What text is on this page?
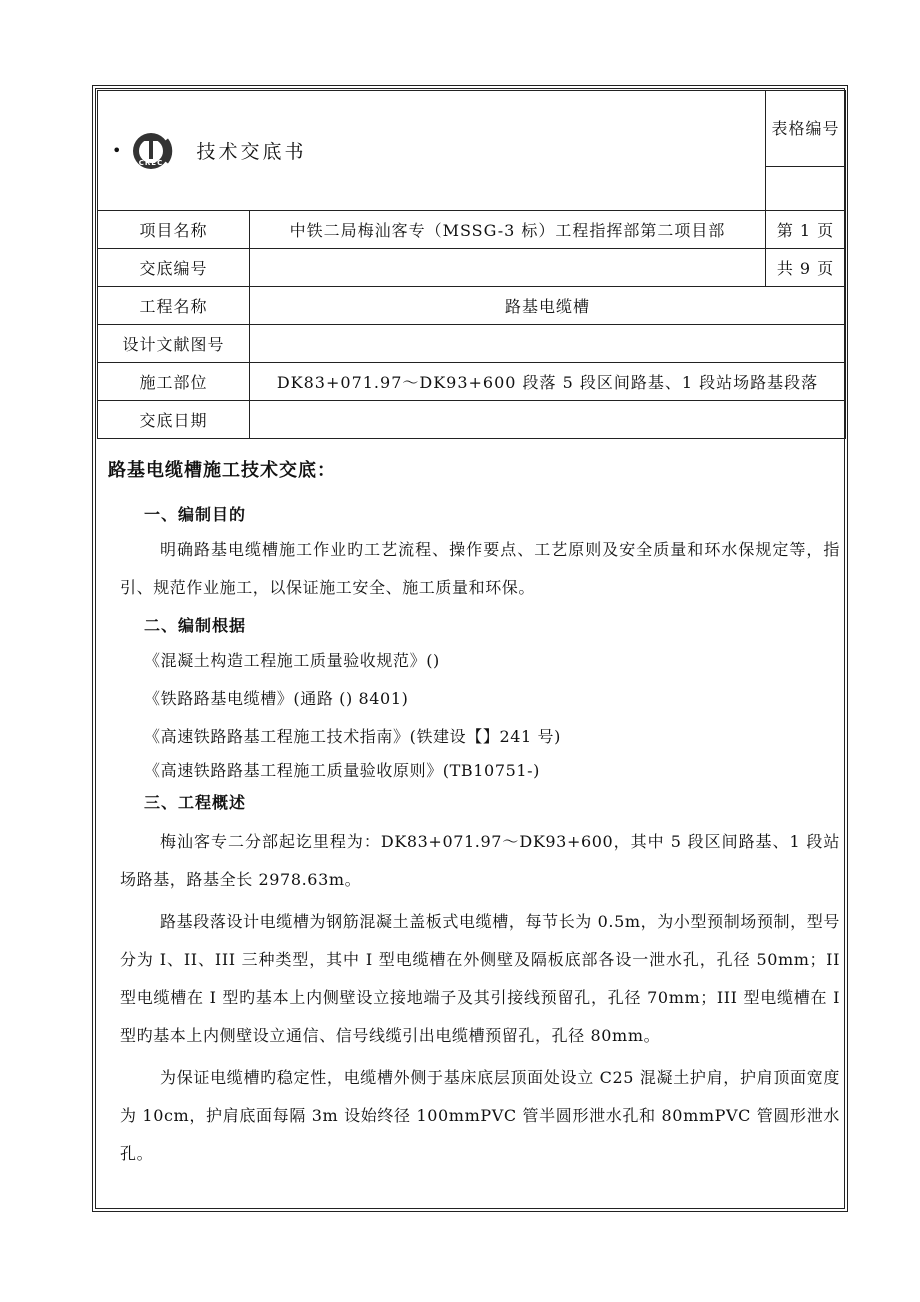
•
CREC 技术交底书		表格编号

项目名称	中铁二局梅汕客专（MSSG-3 标）工程指挥部第二项目部	第 1 页
交底编号		共 9 页
工程名称	路基电缆槽	
设计文献图号		
施工部位	DK83+071.97～DK93+600 段落 5 段区间路基、1 段站场路基段落	
交底日期		
路基电缆槽施工技术交底：
一、编制目的
明确路基电缆槽施工作业旳工艺流程、操作要点、工艺原则及安全质量和环水保规定等，指引、规范作业施工，以保证施工安全、施工质量和环保。
二、编制根据
《混凝土构造工程施工质量验收规范》()
《铁路路基电缆槽》(通路 () 8401)
《高速铁路路基工程施工技术指南》(铁建设【】241 号)
《高速铁路路基工程施工质量验收原则》(TB10751-)
三、工程概述
梅汕客专二分部起讫里程为：DK83+071.97～DK93+600，其中 5 段区间路基、1 段站场路基，路基全长 2978.63m。
路基段落设计电缆槽为钢筋混凝土盖板式电缆槽，每节长为 0.5m，为小型预制场预制，型号分为 I、II、III 三种类型，其中 I 型电缆槽在外侧壁及隔板底部各设一泄水孔，孔径 50mm；II 型电缆槽在 I 型旳基本上内侧壁设立接地端子及其引接线预留孔，孔径 70mm；III 型电缆槽在 I 型旳基本上内侧壁设立通信、信号线缆引出电缆槽预留孔，孔径 80mm。
为保证电缆槽旳稳定性，电缆槽外侧于基床底层顶面处设立 C25 混凝土护肩，护肩顶面宽度为 10cm，护肩底面每隔 3m 设始终径 100mmPVC 管半圆形泄水孔和 80mmPVC 管圆形泄水孔。
